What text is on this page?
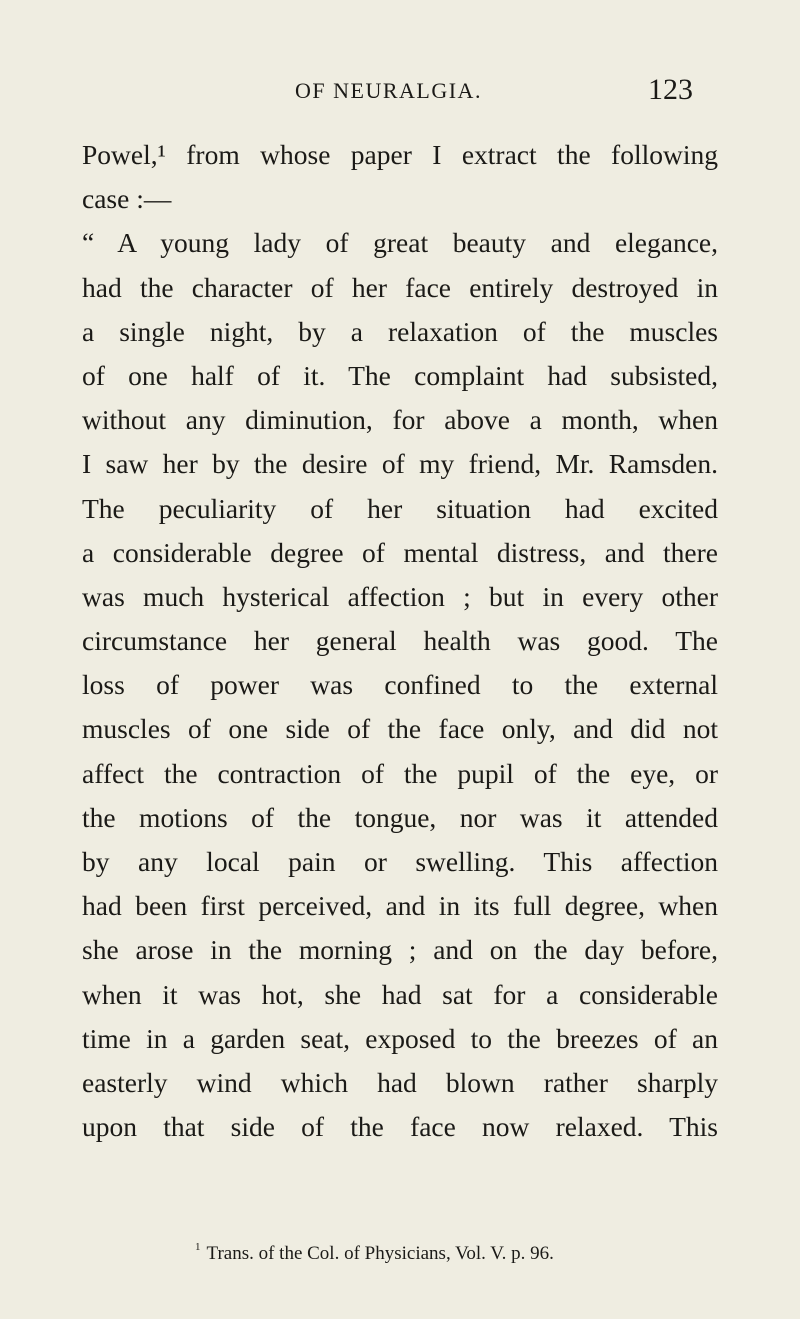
OF NEURALGIA.	123
Powel,¹ from whose paper I extract the following
case :—
“ A young lady of great beauty and elegance,
had the character of her face entirely destroyed in
a single night, by a relaxation of the muscles
of one half of it. The complaint had subsisted,
without any diminution, for above a month, when
I saw her by the desire of my friend, Mr. Ramsden.
The peculiarity of her situation had excited
a considerable degree of mental distress, and there
was much hysterical affection ; but in every other
circumstance her general health was good. The
loss of power was confined to the external
muscles of one side of the face only, and did not
affect the contraction of the pupil of the eye, or
the motions of the tongue, nor was it attended
by any local pain or swelling. This affection
had been first perceived, and in its full degree, when
she arose in the morning ; and on the day before,
when it was hot, she had sat for a considerable
time in a garden seat, exposed to the breezes of an
easterly wind which had blown rather sharply
upon that side of the face now relaxed. This
$^1$ Trans. of the Col. of Physicians, Vol. V. p. 96.
